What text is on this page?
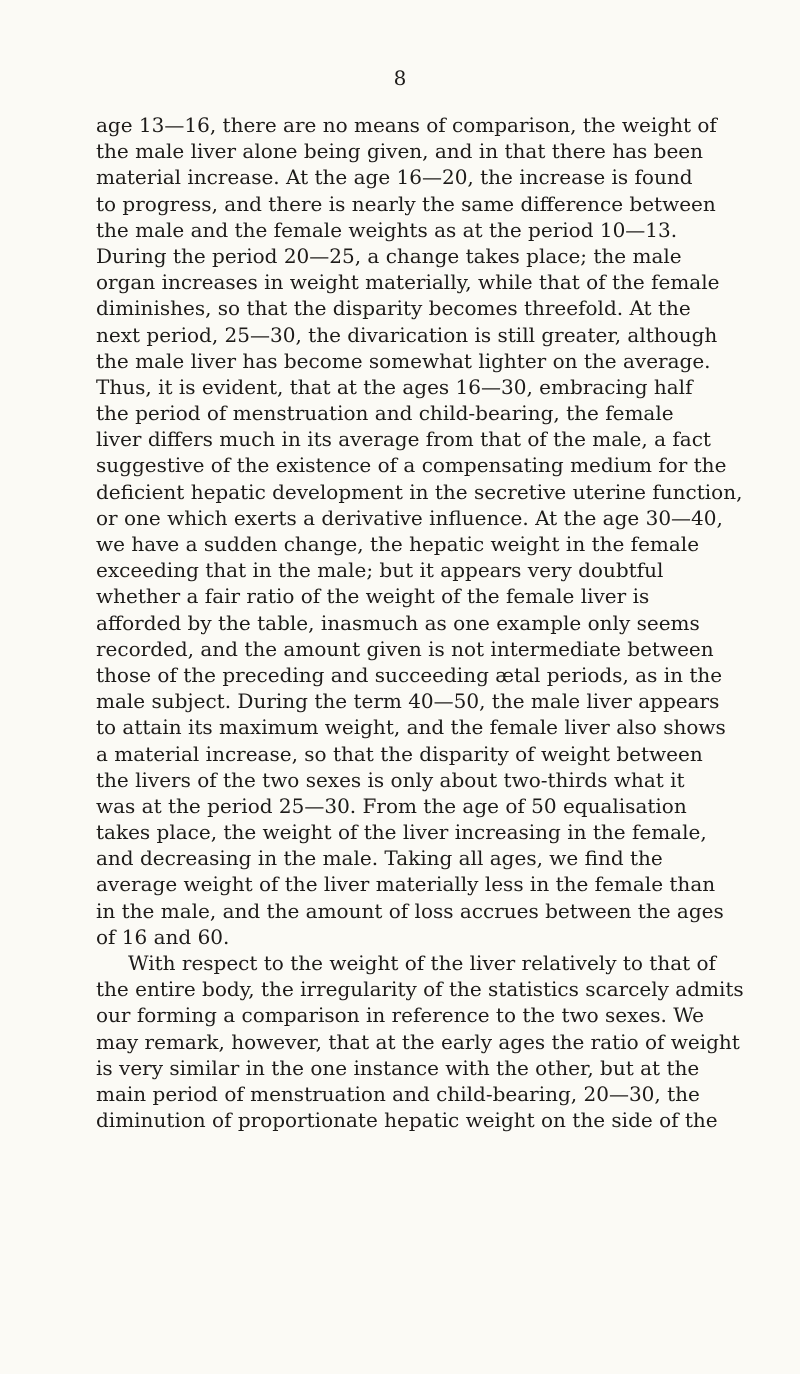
8
age 13—16, there are no means of comparison, the weight of
the male liver alone being given, and in that there has been
material increase. At the age 16—20, the increase is found
to progress, and there is nearly the same difference between
the male and the female weights as at the period 10—13.
During the period 20—25, a change takes place; the male
organ increases in weight materially, while that of the female
diminishes, so that the disparity becomes threefold. At the
next period, 25—30, the divarication is still greater, although
the male liver has become somewhat lighter on the average.
Thus, it is evident, that at the ages 16—30, embracing half
the period of menstruation and child-bearing, the female
liver differs much in its average from that of the male, a fact
suggestive of the existence of a compensating medium for the
deficient hepatic development in the secretive uterine function,
or one which exerts a derivative influence. At the age 30—40,
we have a sudden change, the hepatic weight in the female
exceeding that in the male; but it appears very doubtful
whether a fair ratio of the weight of the female liver is
afforded by the table, inasmuch as one example only seems
recorded, and the amount given is not intermediate between
those of the preceding and succeeding ætal periods, as in the
male subject. During the term 40—50, the male liver appears
to attain its maximum weight, and the female liver also shows
a material increase, so that the disparity of weight between
the livers of the two sexes is only about two-thirds what it
was at the period 25—30. From the age of 50 equalisation
takes place, the weight of the liver increasing in the female,
and decreasing in the male. Taking all ages, we find the
average weight of the liver materially less in the female than
in the male, and the amount of loss accrues between the ages
of 16 and 60.
With respect to the weight of the liver relatively to that of
the entire body, the irregularity of the statistics scarcely admits
our forming a comparison in reference to the two sexes. We
may remark, however, that at the early ages the ratio of weight
is very similar in the one instance with the other, but at the
main period of menstruation and child-bearing, 20—30, the
diminution of proportionate hepatic weight on the side of the
